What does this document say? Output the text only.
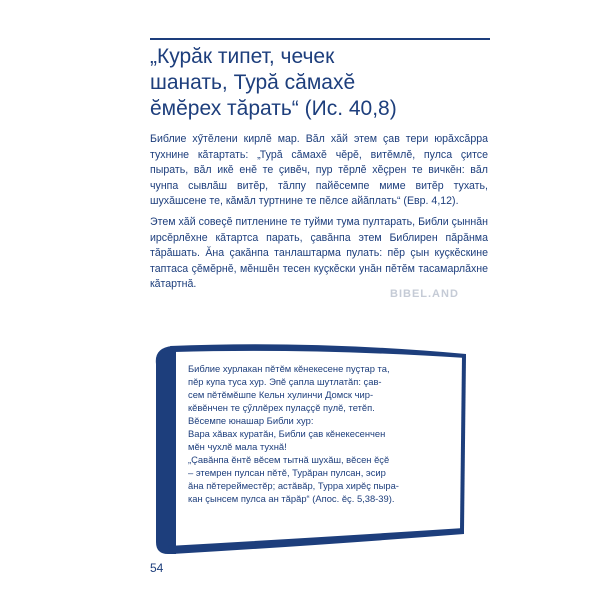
„Курăк типет, чечек
шанать, Турă сăмахĕ
ĕмĕрех тăрать“ (Ис. 40,8)

Библие хӳтĕлени кирлĕ мар. Вăл хăй этем çав тери юрăхсăрра тухнине кăтартать: „Турă сăмахĕ чĕрĕ, витĕмлĕ, пулса çитсе пырать, вăл икĕ енĕ те çивĕч, пур тĕрлĕ хĕçрен те вичкĕн: вăл чунпа сывлăш витĕр, тăлпу пайĕсемпе миме витĕр тухать, шухăшсене те, кăмăл туртнине те пĕлсе айăплать“ (Евр. 4,12).

Этем хăй совеçĕ питленине те туйми тума пултарать, Библи çыннăн ирсĕрлĕхне кăтартса парать, çавăнпа этем Библирен пăрăнма тăрăшать. Ăна çакăнпа танлаштарма пулать: пĕр çын куçкĕскине таптаса çĕмĕрнĕ, мĕншĕн тесен куçкĕски унăн пĕтĕм тасамарлăхне кăтартнă.

BIBEL.AND

Библие хурлакан пĕтĕм кĕнекесене пуçтар та,

пĕр купа туса хур. Эпĕ çапла шутлатăп: çав-

сем пĕтĕмĕшпе Кельн хулинчи Домск чир-

кĕвĕнчен те çӳллĕрех пулаççĕ пулĕ, тетĕп.

Вĕсемпе юнашар Библи хур:

Вара хăвах куратăн, Библи çав кĕнекесенчен

мĕн чухлĕ мала тухнă!

„Çавăнпа ĕнтĕ вĕсем тытнă шухăш, вĕсен ĕçĕ

– этемрен пулсан пĕтĕ, Турăран пулсан, эсир

ăна пĕтерейместĕр; астăвăр, Турра хирĕç пыра-

кан çынсем пулса ан тăрăр“ (Апос. ĕç. 5,38-39).

54
